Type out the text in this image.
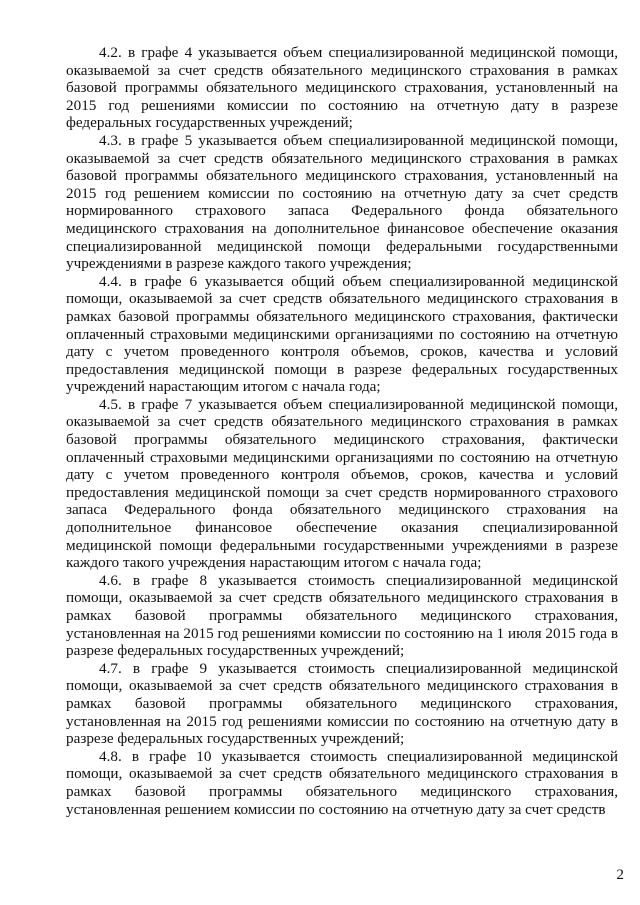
4.2. в графе 4 указывается объем специализированной медицинской помощи, оказываемой за счет средств обязательного медицинского страхования в рамках базовой программы обязательного медицинского страхования, установленный на 2015 год решениями комиссии по состоянию на отчетную дату в разрезе федеральных государственных учреждений;

4.3. в графе 5 указывается объем специализированной медицинской помощи, оказываемой за счет средств обязательного медицинского страхования в рамках базовой программы обязательного медицинского страхования, установленный на 2015 год решением комиссии по состоянию на отчетную дату за счет средств нормированного страхового запаса Федерального фонда обязательного медицинского страхования на дополнительное финансовое обеспечение оказания специализированной медицинской помощи федеральными государственными учреждениями в разрезе каждого такого учреждения;

4.4. в графе 6 указывается общий объем специализированной медицинской помощи, оказываемой за счет средств обязательного медицинского страхования в рамках базовой программы обязательного медицинского страхования, фактически оплаченный страховыми медицинскими организациями по состоянию на отчетную дату с учетом проведенного контроля объемов, сроков, качества и условий предоставления медицинской помощи в разрезе федеральных государственных учреждений нарастающим итогом с начала года;

4.5. в графе 7 указывается объем специализированной медицинской помощи, оказываемой за счет средств обязательного медицинского страхования в рамках базовой программы обязательного медицинского страхования, фактически оплаченный страховыми медицинскими организациями по состоянию на отчетную дату с учетом проведенного контроля объемов, сроков, качества и условий предоставления медицинской помощи за счет средств нормированного страхового запаса Федерального фонда обязательного медицинского страхования на дополнительное финансовое обеспечение оказания специализированной медицинской помощи федеральными государственными учреждениями в разрезе каждого такого учреждения нарастающим итогом с начала года;

4.6. в графе 8 указывается стоимость специализированной медицинской помощи, оказываемой за счет средств обязательного медицинского страхования в рамках базовой программы обязательного медицинского страхования, установленная на 2015 год решениями комиссии по состоянию на 1 июля 2015 года в разрезе федеральных государственных учреждений;

4.7. в графе 9 указывается стоимость специализированной медицинской помощи, оказываемой за счет средств обязательного медицинского страхования в рамках базовой программы обязательного медицинского страхования, установленная на 2015 год решениями комиссии по состоянию на отчетную дату в разрезе федеральных государственных учреждений;

4.8. в графе 10 указывается стоимость специализированной медицинской помощи, оказываемой за счет средств обязательного медицинского страхования в рамках базовой программы обязательного медицинского страхования, установленная решением комиссии по состоянию на отчетную дату за счет средств

2
